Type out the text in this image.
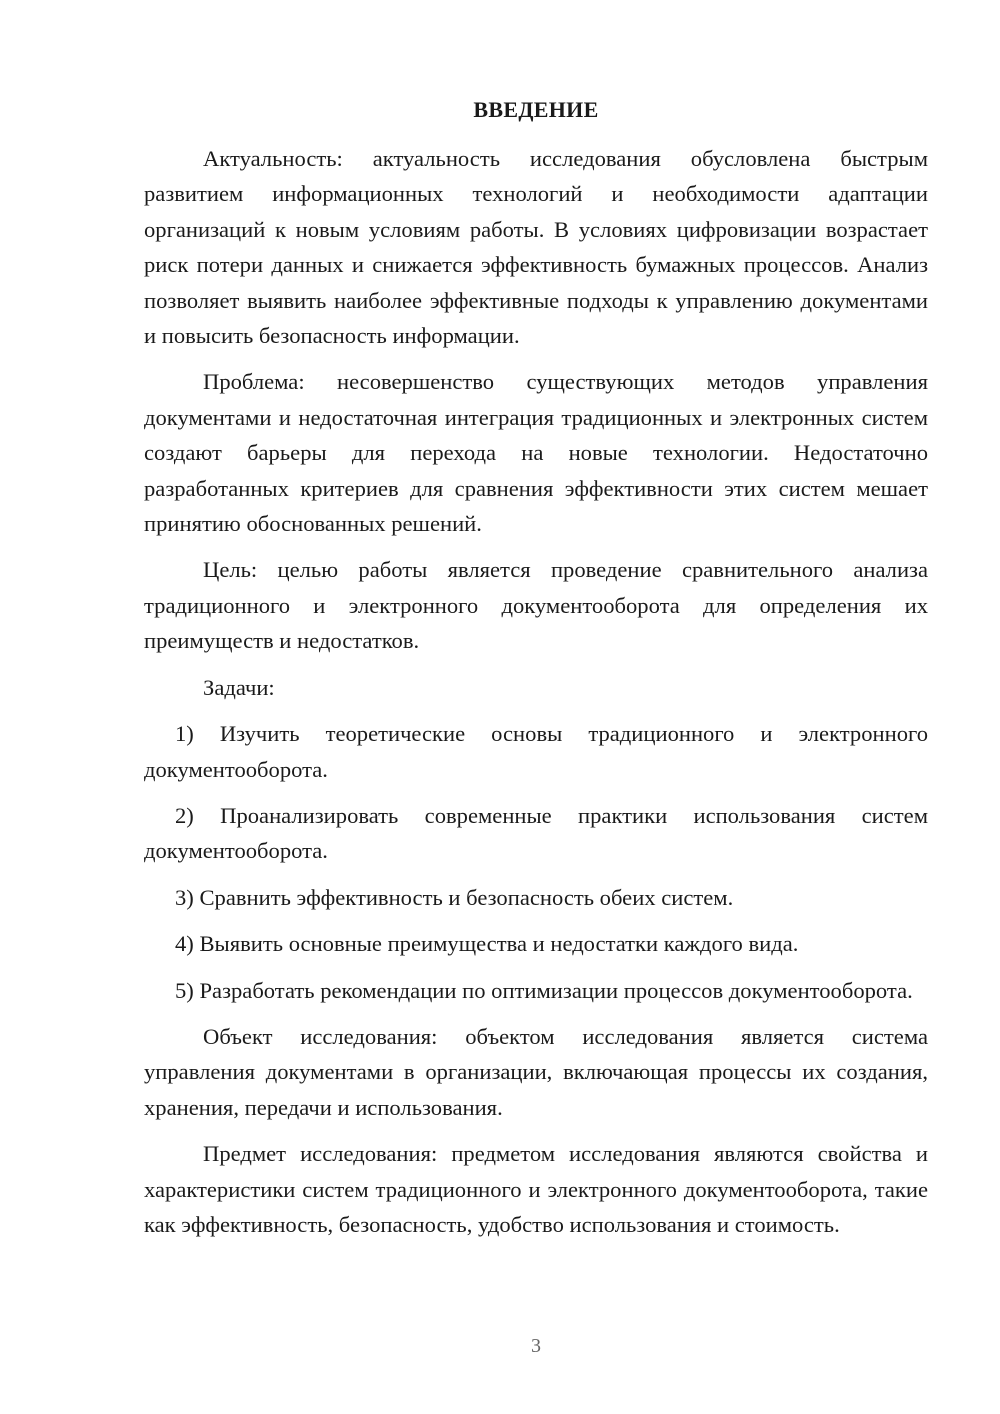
ВВЕДЕНИЕ

Актуальность: актуальность исследования обусловлена быстрым развитием информационных технологий и необходимости адаптации организаций к новым условиям работы. В условиях цифровизации возрастает риск потери данных и снижается эффективность бумажных процессов. Анализ позволяет выявить наиболее эффективные подходы к управлению документами и повысить безопасность информации.

Проблема: несовершенство существующих методов управления документами и недостаточная интеграция традиционных и электронных систем создают барьеры для перехода на новые технологии. Недостаточно разработанных критериев для сравнения эффективности этих систем мешает принятию обоснованных решений.

Цель: целью работы является проведение сравнительного анализа традиционного и электронного документооборота для определения их преимуществ и недостатков.

Задачи:

1) Изучить теоретические основы традиционного и электронного документооборота.

2) Проанализировать современные практики использования систем документооборота.

3) Сравнить эффективность и безопасность обеих систем.

4) Выявить основные преимущества и недостатки каждого вида.

5) Разработать рекомендации по оптимизации процессов документооборота.

Объект исследования: объектом исследования является система управления документами в организации, включающая процессы их создания, хранения, передачи и использования.

Предмет исследования: предметом исследования являются свойства и характеристики систем традиционного и электронного документооборота, такие как эффективность, безопасность, удобство использования и стоимость.

3
